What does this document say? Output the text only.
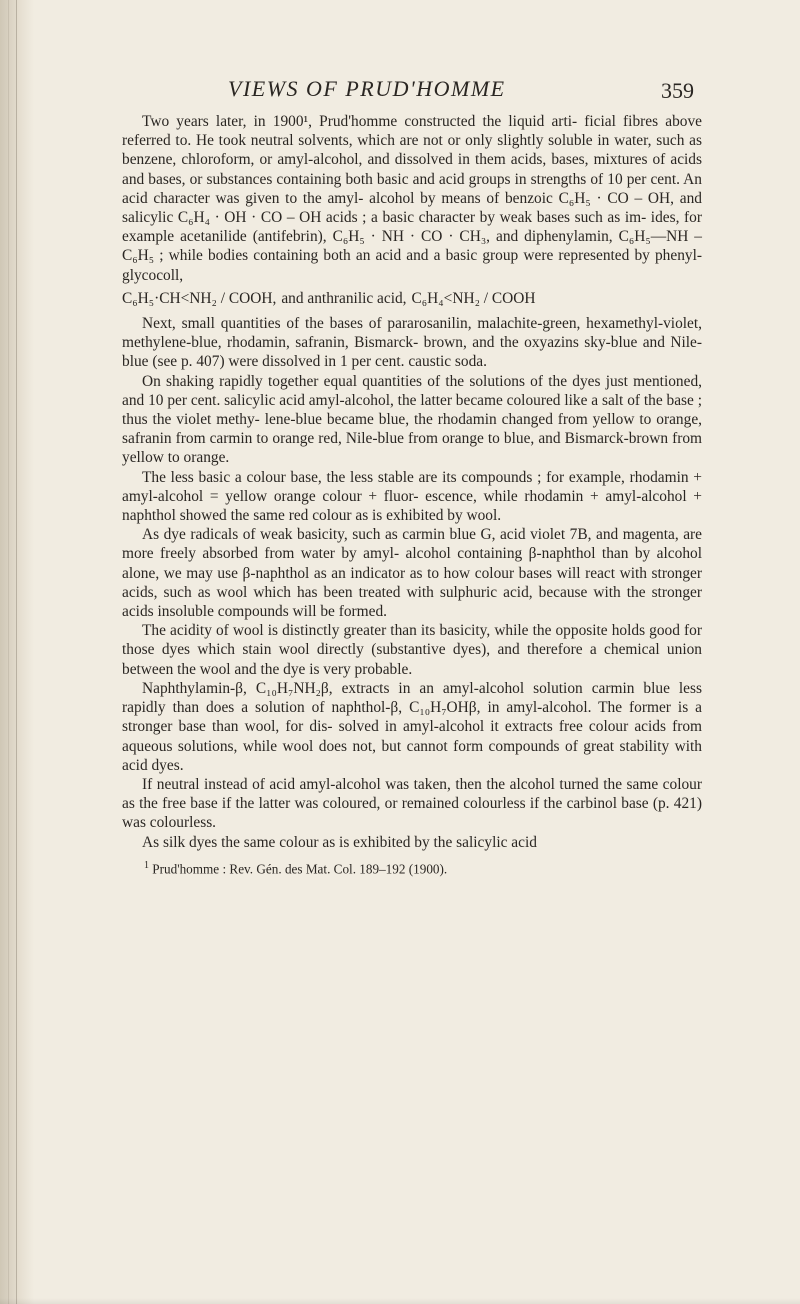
VIEWS OF PRUD'HOMME	359

Two years later, in 1900¹, Prud'homme constructed the liquid arti- ficial fibres above referred to. He took neutral solvents, which are not or only slightly soluble in water, such as benzene, chloroform, or amyl-alcohol, and dissolved in them acids, bases, mixtures of acids and bases, or substances containing both basic and acid groups in strengths of 10 per cent. An acid character was given to the amyl- alcohol by means of benzoic C₆H₅ · CO – OH, and salicylic C₆H₄ · OH · CO – OH acids ; a basic character by weak bases such as im- ides, for example acetanilide (antifebrin), C₆H₅ · NH · CO · CH₃, and diphenylamin, C₆H₅—NH – C₆H₅ ; while bodies containing both an acid and a basic group were represented by phenyl-glycocoll,

C₆H₅·CH<NH₂ / COOH, and anthranilic acid, C₆H₄<NH₂ / COOH

Next, small quantities of the bases of pararosanilin, malachite-green, hexamethyl-violet, methylene-blue, rhodamin, safranin, Bismarck- brown, and the oxyazins sky-blue and Nile-blue (see p. 407) were dissolved in 1 per cent. caustic soda.

On shaking rapidly together equal quantities of the solutions of the dyes just mentioned, and 10 per cent. salicylic acid amyl-alcohol, the latter became coloured like a salt of the base ; thus the violet methy- lene-blue became blue, the rhodamin changed from yellow to orange, safranin from carmin to orange red, Nile-blue from orange to blue, and Bismarck-brown from yellow to orange.

The less basic a colour base, the less stable are its compounds ; for example, rhodamin + amyl-alcohol = yellow orange colour + fluor- escence, while rhodamin + amyl-alcohol + naphthol showed the same red colour as is exhibited by wool.

As dye radicals of weak basicity, such as carmin blue G, acid violet 7B, and magenta, are more freely absorbed from water by amyl- alcohol containing β-naphthol than by alcohol alone, we may use β-naphthol as an indicator as to how colour bases will react with stronger acids, such as wool which has been treated with sulphuric acid, because with the stronger acids insoluble compounds will be formed.

The acidity of wool is distinctly greater than its basicity, while the opposite holds good for those dyes which stain wool directly (substantive dyes), and therefore a chemical union between the wool and the dye is very probable.

Naphthylamin-β, C₁₀H₇NH₂β, extracts in an amyl-alcohol solution carmin blue less rapidly than does a solution of naphthol-β, C₁₀H₇OHβ, in amyl-alcohol. The former is a stronger base than wool, for dis- solved in amyl-alcohol it extracts free colour acids from aqueous solutions, while wool does not, but cannot form compounds of great stability with acid dyes.

If neutral instead of acid amyl-alcohol was taken, then the alcohol turned the same colour as the free base if the latter was coloured, or remained colourless if the carbinol base (p. 421) was colourless.

As silk dyes the same colour as is exhibited by the salicylic acid

$^1$ Prud'homme : Rev. Gén. des Mat. Col. 189–192 (1900).
